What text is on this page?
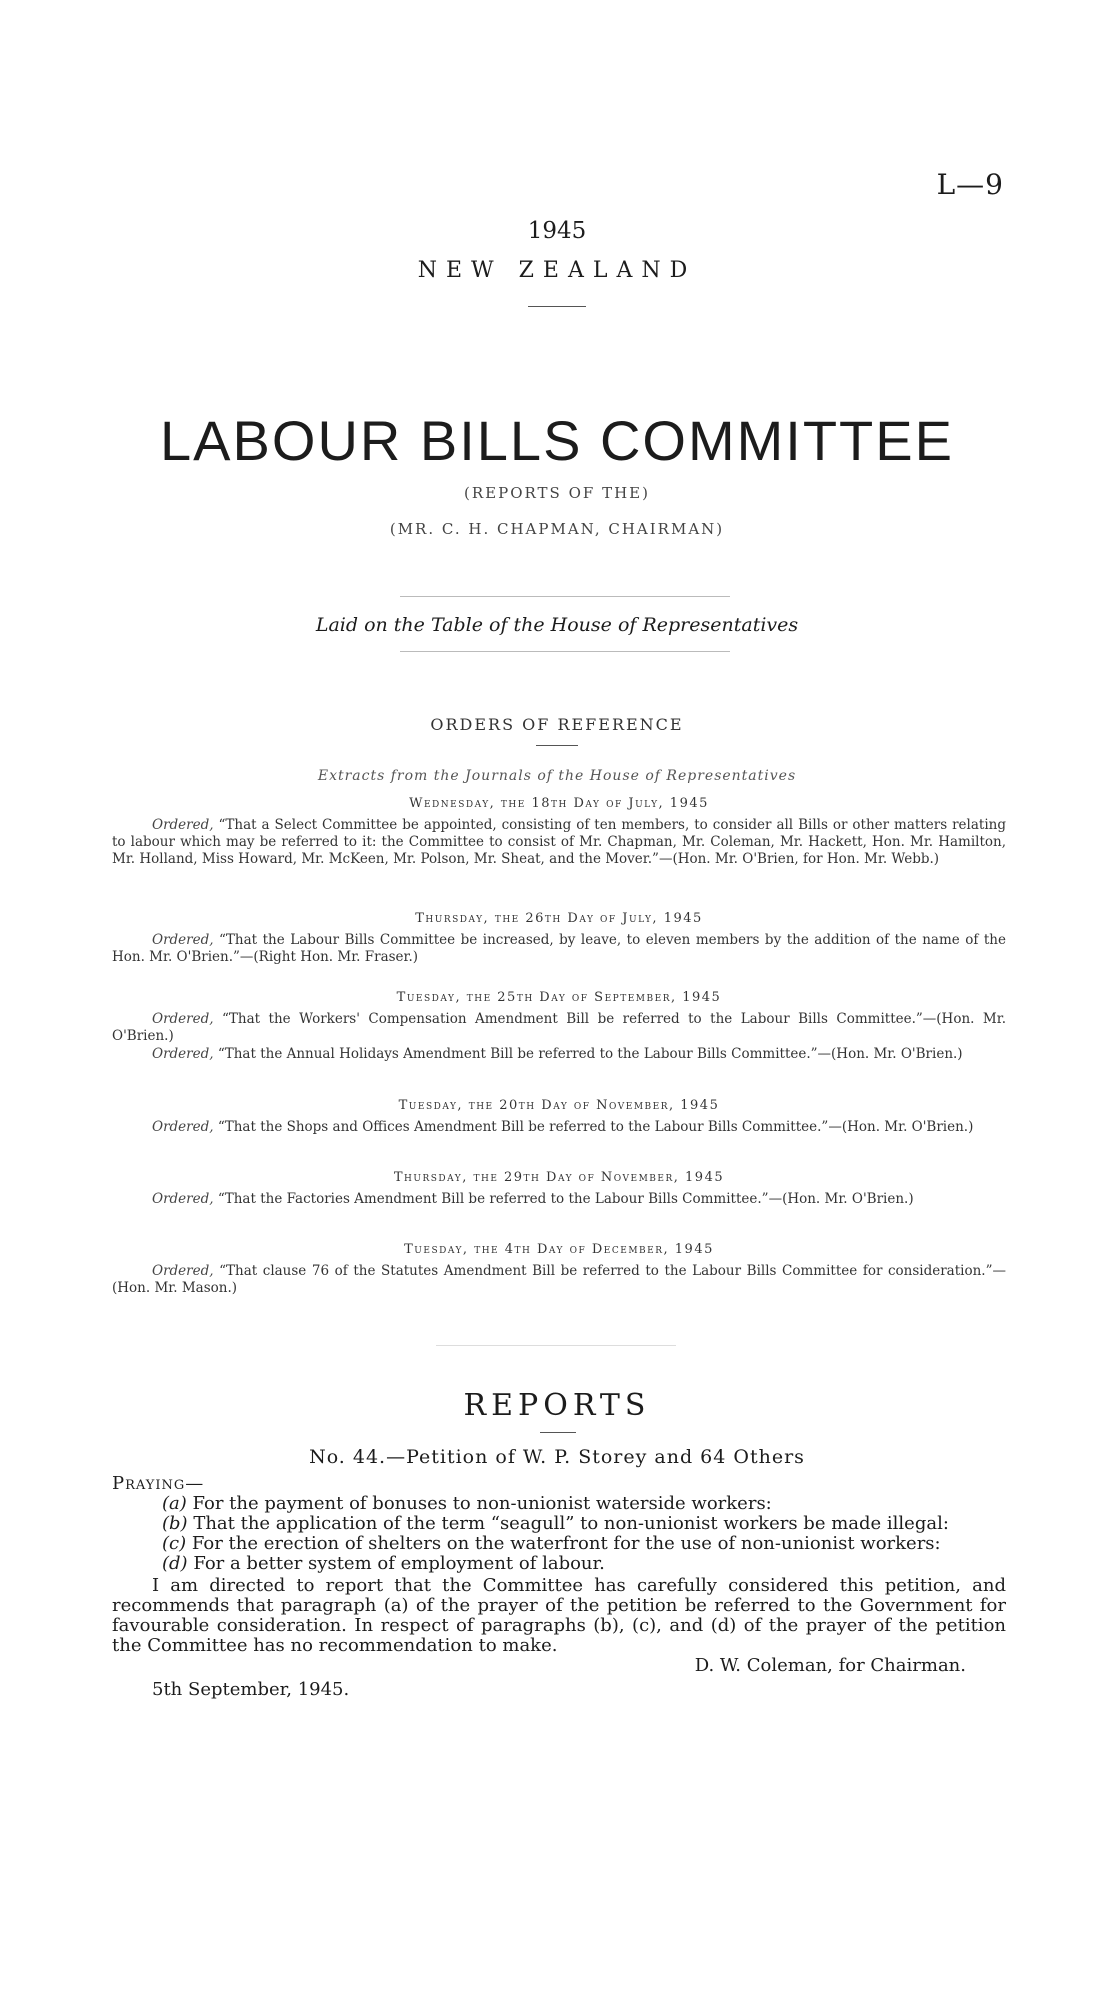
L—9
1945
NEW ZEALAND
LABOUR BILLS COMMITTEE
(REPORTS OF THE)
(MR. C. H. CHAPMAN, CHAIRMAN)
Laid on the Table of the House of Representatives
ORDERS OF REFERENCE
Extracts from the Journals of the House of Representatives
Wednesday, the 18th Day of July, 1945
Ordered, “That a Select Committee be appointed, consisting of ten members, to consider all Bills or other matters relating to labour which may be referred to it: the Committee to consist of Mr. Chapman, Mr. Coleman, Mr. Hackett, Hon. Mr. Hamilton, Mr. Holland, Miss Howard, Mr. McKeen, Mr. Polson, Mr. Sheat, and the Mover.”—(Hon. Mr. O'Brien, for Hon. Mr. Webb.)
Thursday, the 26th Day of July, 1945
Ordered, “That the Labour Bills Committee be increased, by leave, to eleven members by the addition of the name of the Hon. Mr. O'Brien.”—(Right Hon. Mr. Fraser.)
Tuesday, the 25th Day of September, 1945
Ordered, “That the Workers' Compensation Amendment Bill be referred to the Labour Bills Committee.”—(Hon. Mr. O'Brien.)
Ordered, “That the Annual Holidays Amendment Bill be referred to the Labour Bills Committee.”—(Hon. Mr. O'Brien.)
Tuesday, the 20th Day of November, 1945
Ordered, “That the Shops and Offices Amendment Bill be referred to the Labour Bills Committee.”—(Hon. Mr. O'Brien.)
Thursday, the 29th Day of November, 1945
Ordered, “That the Factories Amendment Bill be referred to the Labour Bills Committee.”—(Hon. Mr. O'Brien.)
Tuesday, the 4th Day of December, 1945
Ordered, “That clause 76 of the Statutes Amendment Bill be referred to the Labour Bills Committee for consideration.”—(Hon. Mr. Mason.)
REPORTS
No. 44.—Petition of W. P. Storey and 64 Others
Praying—

(a) For the payment of bonuses to non-unionist waterside workers:

(b) That the application of the term “seagull” to non-unionist workers be made illegal:

(c) For the erection of shelters on the waterfront for the use of non-unionist workers:

(d) For a better system of employment of labour.

I am directed to report that the Committee has carefully considered this petition, and recommends that paragraph (a) of the prayer of the petition be referred to the Government for favourable consideration. In respect of paragraphs (b), (c), and (d) of the prayer of the petition the Committee has no recommendation to make.

D. W. Coleman, for Chairman.
5th September, 1945.
